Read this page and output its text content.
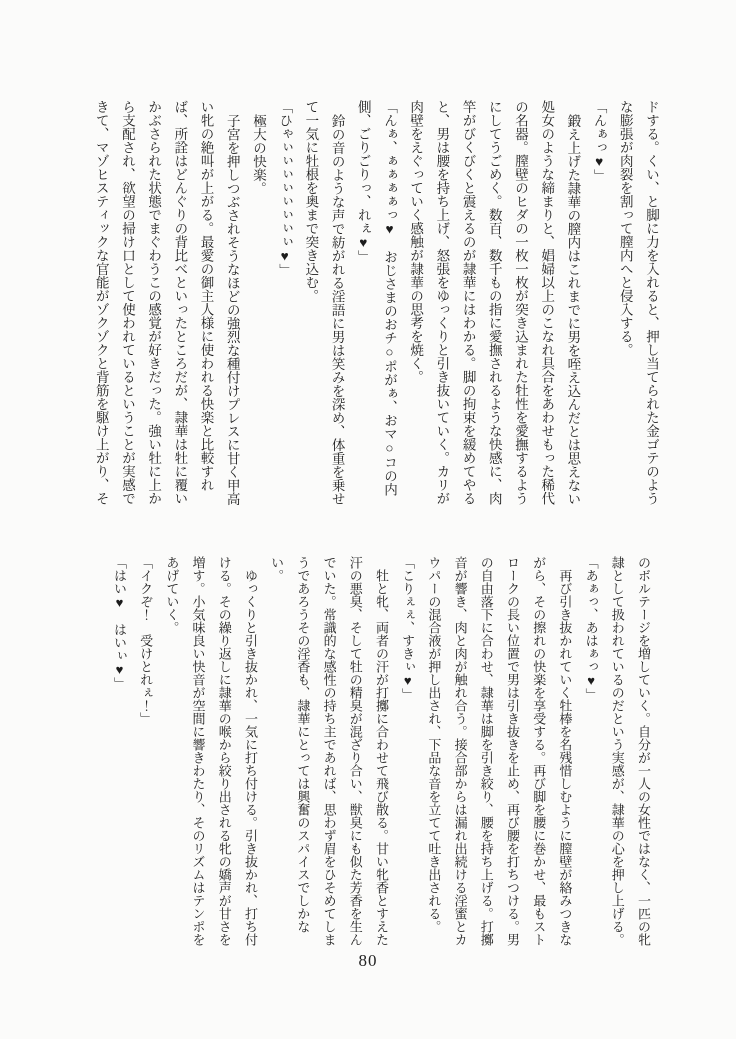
ドする。くい、と脚に力を入れると、押し当てられた金ゴテのような膨張が肉裂を割って膣内へと侵入する。

「んぁっ♥」

鍛え上げた隷華の膣内はこれまでに男を咥え込んだとは思えない処女のような締まりと、娼婦以上のこなれ具合をあわせもった稀代の名器。膣壁のヒダの一枚一枚が突き込まれた牡性を愛撫するようにしてうごめく。数百、数千もの指に愛撫されるような快感に、肉竿がびくびくと震えるのが隷華にはわかる。脚の拘束を緩めてやると、男は腰を持ち上げ、怒張をゆっくりと引き抜いていく。カリが肉壁をえぐっていく感触が隷華の思考を焼く。

「んぁ、ぁぁぁぁっ♥　おじさまのおチ○ポがぁ、おマ○コの内側、ごりごりっ、れぇ♥」

鈴の音のような声で紡がれる淫語に男は笑みを深め、体重を乗せて一気に牡根を奥まで突き込む。

「ひゃぃぃぃぃぃぃぃぃ♥」

極大の快楽。

子宮を押しつぶされそうなほどの強烈な種付けプレスに甘く甲高い牝の絶叫が上がる。最愛の御主人様に使われる快楽と比較すれば、所詮はどんぐりの背比べといったところだが、隷華は牡に覆いかぶさられた状態でまぐわうこの感覚が好きだった。強い牡に上から支配され、欲望の掃け口として使われているということが実感できて、マゾヒスティックな官能がゾクゾクと背筋を駆け上がり、そ

のボルテージを増していく。自分が一人の女性ではなく、一匹の牝隷として扱われているのだという実感が、隷華の心を押し上げる。

「あぁっ、あはぁっ♥」

再び引き抜かれていく牡棒を名残惜しむように膣壁が絡みつきながら、その擦れの快楽を享受する。再び脚を腰に巻かせ、最もストロークの長い位置で男は引き抜きを止め、再び腰を打ちつける。男の自由落下に合わせ、隷華は脚を引き絞り、腰を持ち上げる。打擲音が響き、肉と肉が触れ合う。接合部からは漏れ出続ける淫蜜とカウパーの混合液が押し出され、下品な音を立てて吐き出される。

「こりぇぇ、すきぃ♥」

牡と牝、両者の汗が打擲に合わせて飛び散る。甘い牝香とすえた汗の悪臭、そして牡の精臭が混ざり合い、獣臭にも似た芳香を生んでいた。常識的な感性の持ち主であれば、思わず眉をひそめてしまうであろうその淫香も、隷華にとっては興奮のスパイスでしかない。

ゆっくりと引き抜かれ、一気に打ち付ける。引き抜かれ、打ち付ける。その繰り返しに隷華の喉から絞り出される牝の嬌声が甘さを増す。小気味良い快音が空間に響きわたり、そのリズムはテンポをあげていく。

「イクぞ！　受けとれぇ！」

「はい♥　はいぃ♥」

80
